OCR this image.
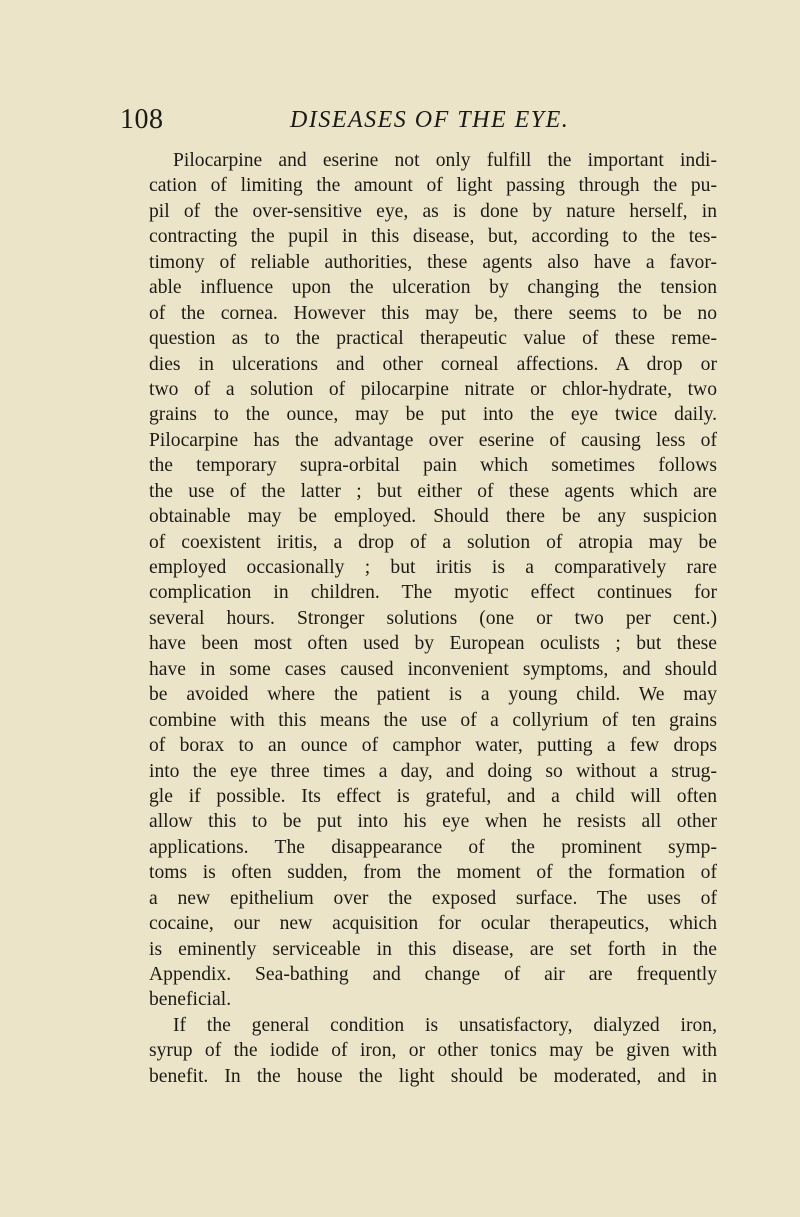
108	DISEASES OF THE EYE.
Pilocarpine and eserine not only fulfill the important indi-
cation of limiting the amount of light passing through the pu-
pil of the over-sensitive eye, as is done by nature herself, in
contracting the pupil in this disease, but, according to the tes-
timony of reliable authorities, these agents also have a favor-
able influence upon the ulceration by changing the tension
of the cornea. However this may be, there seems to be no
question as to the practical therapeutic value of these reme-
dies in ulcerations and other corneal affections. A drop or
two of a solution of pilocarpine nitrate or chlor-hydrate, two
grains to the ounce, may be put into the eye twice daily.
Pilocarpine has the advantage over eserine of causing less of
the temporary supra-orbital pain which sometimes follows
the use of the latter ; but either of these agents which are
obtainable may be employed. Should there be any suspicion
of coexistent iritis, a drop of a solution of atropia may be
employed occasionally ; but iritis is a comparatively rare
complication in children. The myotic effect continues for
several hours. Stronger solutions (one or two per cent.)
have been most often used by European oculists ; but these
have in some cases caused inconvenient symptoms, and should
be avoided where the patient is a young child. We may
combine with this means the use of a collyrium of ten grains
of borax to an ounce of camphor water, putting a few drops
into the eye three times a day, and doing so without a strug-
gle if possible. Its effect is grateful, and a child will often
allow this to be put into his eye when he resists all other
applications. The disappearance of the prominent symp-
toms is often sudden, from the moment of the formation of
a new epithelium over the exposed surface. The uses of
cocaine, our new acquisition for ocular therapeutics, which
is eminently serviceable in this disease, are set forth in the
Appendix. Sea-bathing and change of air are frequently
beneficial.
If the general condition is unsatisfactory, dialyzed iron,
syrup of the iodide of iron, or other tonics may be given with
benefit. In the house the light should be moderated, and in
